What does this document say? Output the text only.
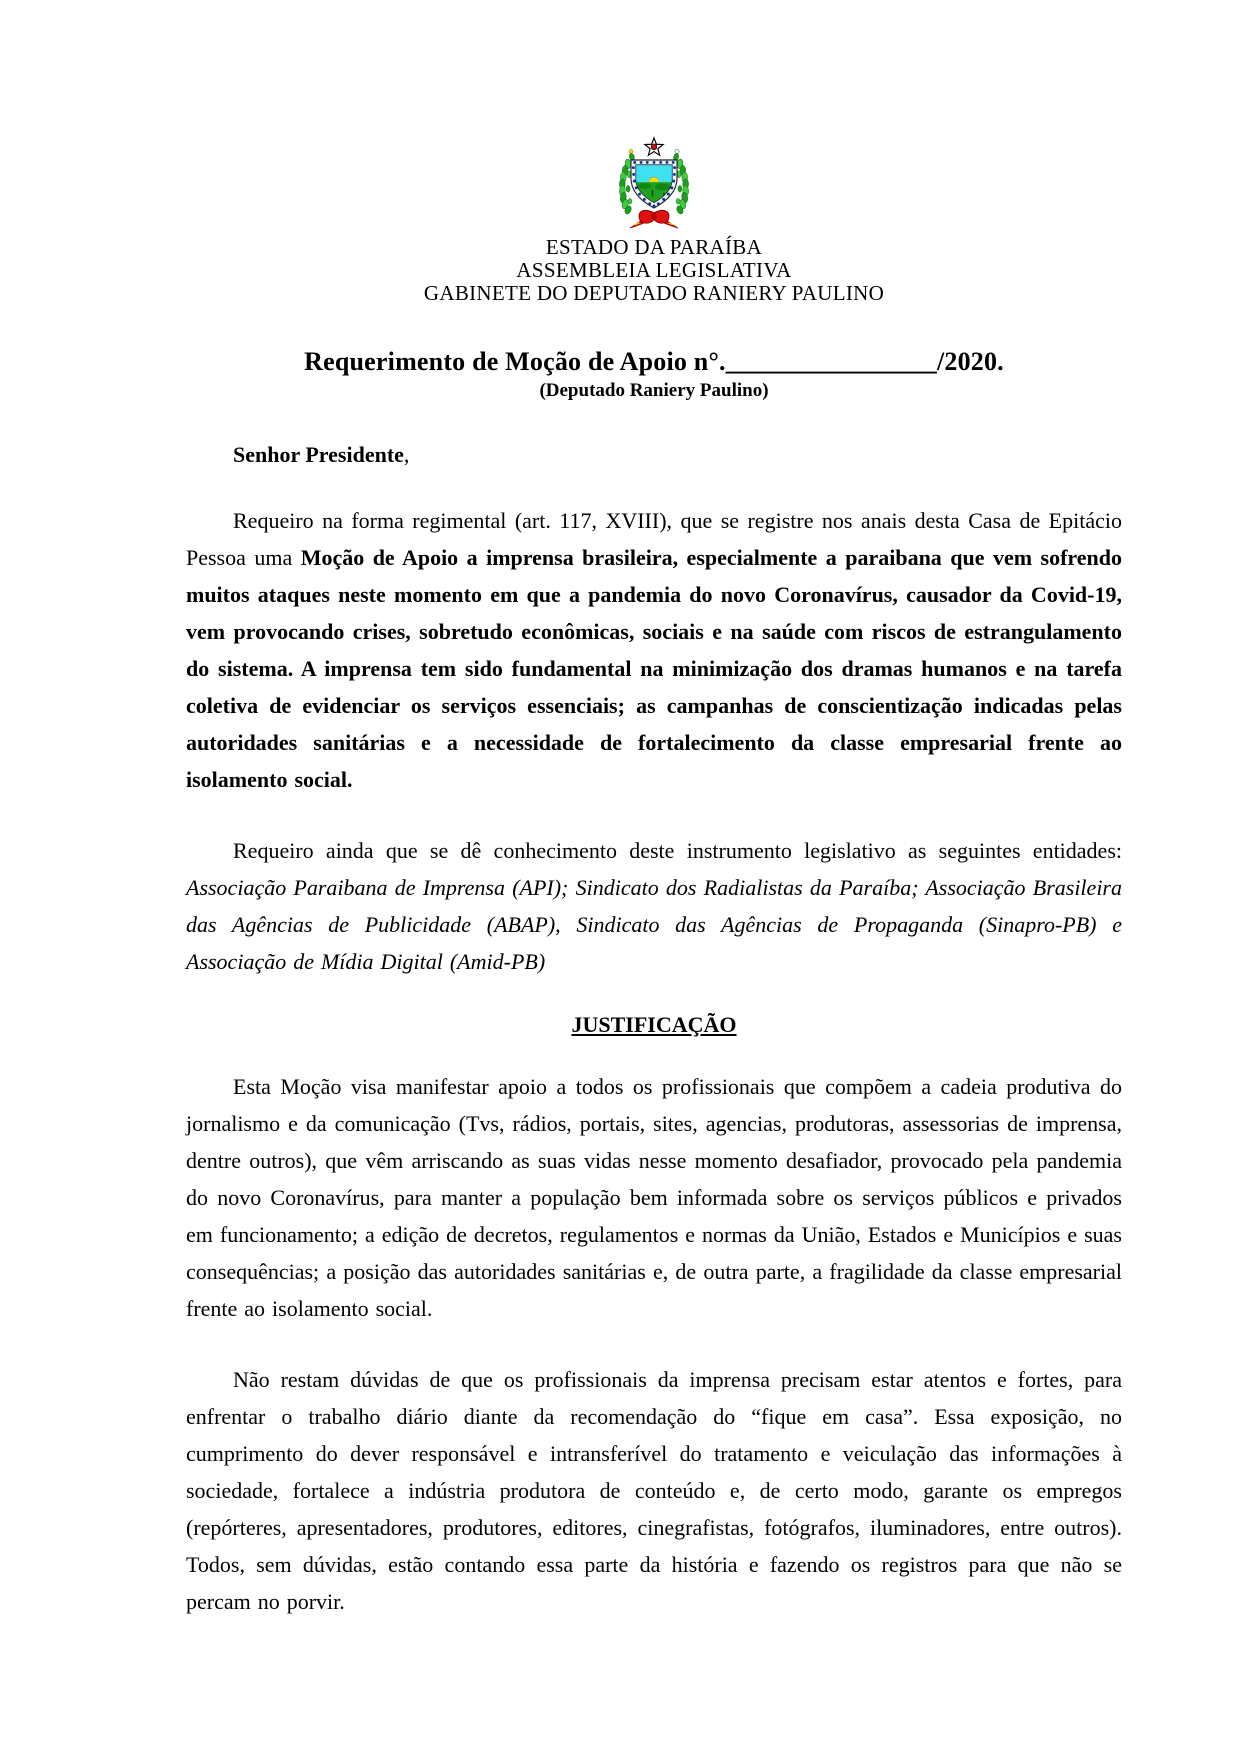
ESTADO DA PARAÍBA
ASSEMBLEIA LEGISLATIVA
GABINETE DO DEPUTADO RANIERY PAULINO
Requerimento de Moção de Apoio n°.________________/2020.
(Deputado Raniery Paulino)
Senhor Presidente,

Requeiro na forma regimental (art. 117, XVIII), que se registre nos anais desta Casa de Epitácio Pessoa uma Moção de Apoio a imprensa brasileira, especialmente a paraibana que vem sofrendo muitos ataques neste momento em que a pandemia do novo Coronavírus, causador da Covid-19, vem provocando crises, sobretudo econômicas, sociais e na saúde com riscos de estrangulamento do sistema. A imprensa tem sido fundamental na minimização dos dramas humanos e na tarefa coletiva de evidenciar os serviços essenciais; as campanhas de conscientização indicadas pelas autoridades sanitárias e a necessidade de fortalecimento da classe empresarial frente ao isolamento social.

Requeiro ainda que se dê conhecimento deste instrumento legislativo as seguintes entidades: Associação Paraibana de Imprensa (API); Sindicato dos Radialistas da Paraíba; Associação Brasileira das Agências de Publicidade (ABAP), Sindicato das Agências de Propaganda (Sinapro-PB) e Associação de Mídia Digital (Amid-PB)

JUSTIFICAÇÃO

Esta Moção visa manifestar apoio a todos os profissionais que compõem a cadeia produtiva do jornalismo e da comunicação (Tvs, rádios, portais, sites, agencias, produtoras, assessorias de imprensa, dentre outros), que vêm arriscando as suas vidas nesse momento desafiador, provocado pela pandemia do novo Coronavírus, para manter a população bem informada sobre os serviços públicos e privados em funcionamento; a edição de decretos, regulamentos e normas da União, Estados e Municípios e suas consequências; a posição das autoridades sanitárias e, de outra parte, a fragilidade da classe empresarial frente ao isolamento social.

Não restam dúvidas de que os profissionais da imprensa precisam estar atentos e fortes, para enfrentar o trabalho diário diante da recomendação do “fique em casa”. Essa exposição, no cumprimento do dever responsável e intransferível do tratamento e veiculação das informações à sociedade, fortalece a indústria produtora de conteúdo e, de certo modo, garante os empregos (repórteres, apresentadores, produtores, editores, cinegrafistas, fotógrafos, iluminadores, entre outros). Todos, sem dúvidas, estão contando essa parte da história e fazendo os registros para que não se percam no porvir.
